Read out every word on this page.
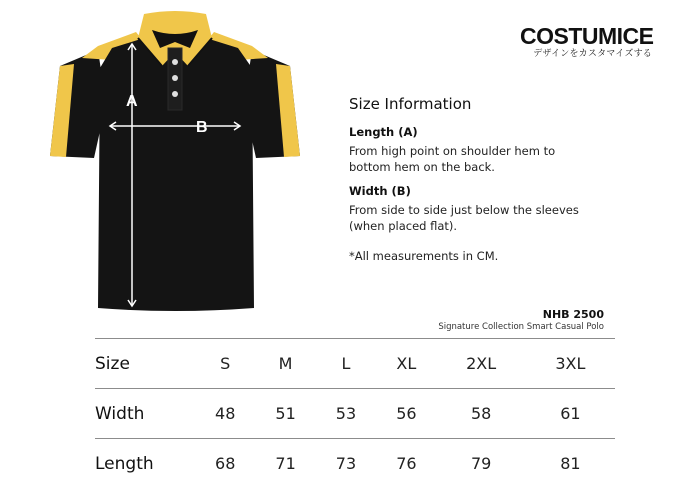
A
B
COSTUMICE
デザインをカスタマイズする
Size Information
Length (A)
From high point on shoulder hem to bottom hem on the back.
Width (B)
From side to side just below the sleeves (when placed flat).
*All measurements in CM.
NHB 2500
Signature Collection Smart Casual Polo
Size	S	M	L	XL	2XL	3XL
Width	48	51	53	56	58	61
Length	68	71	73	76	79	81
